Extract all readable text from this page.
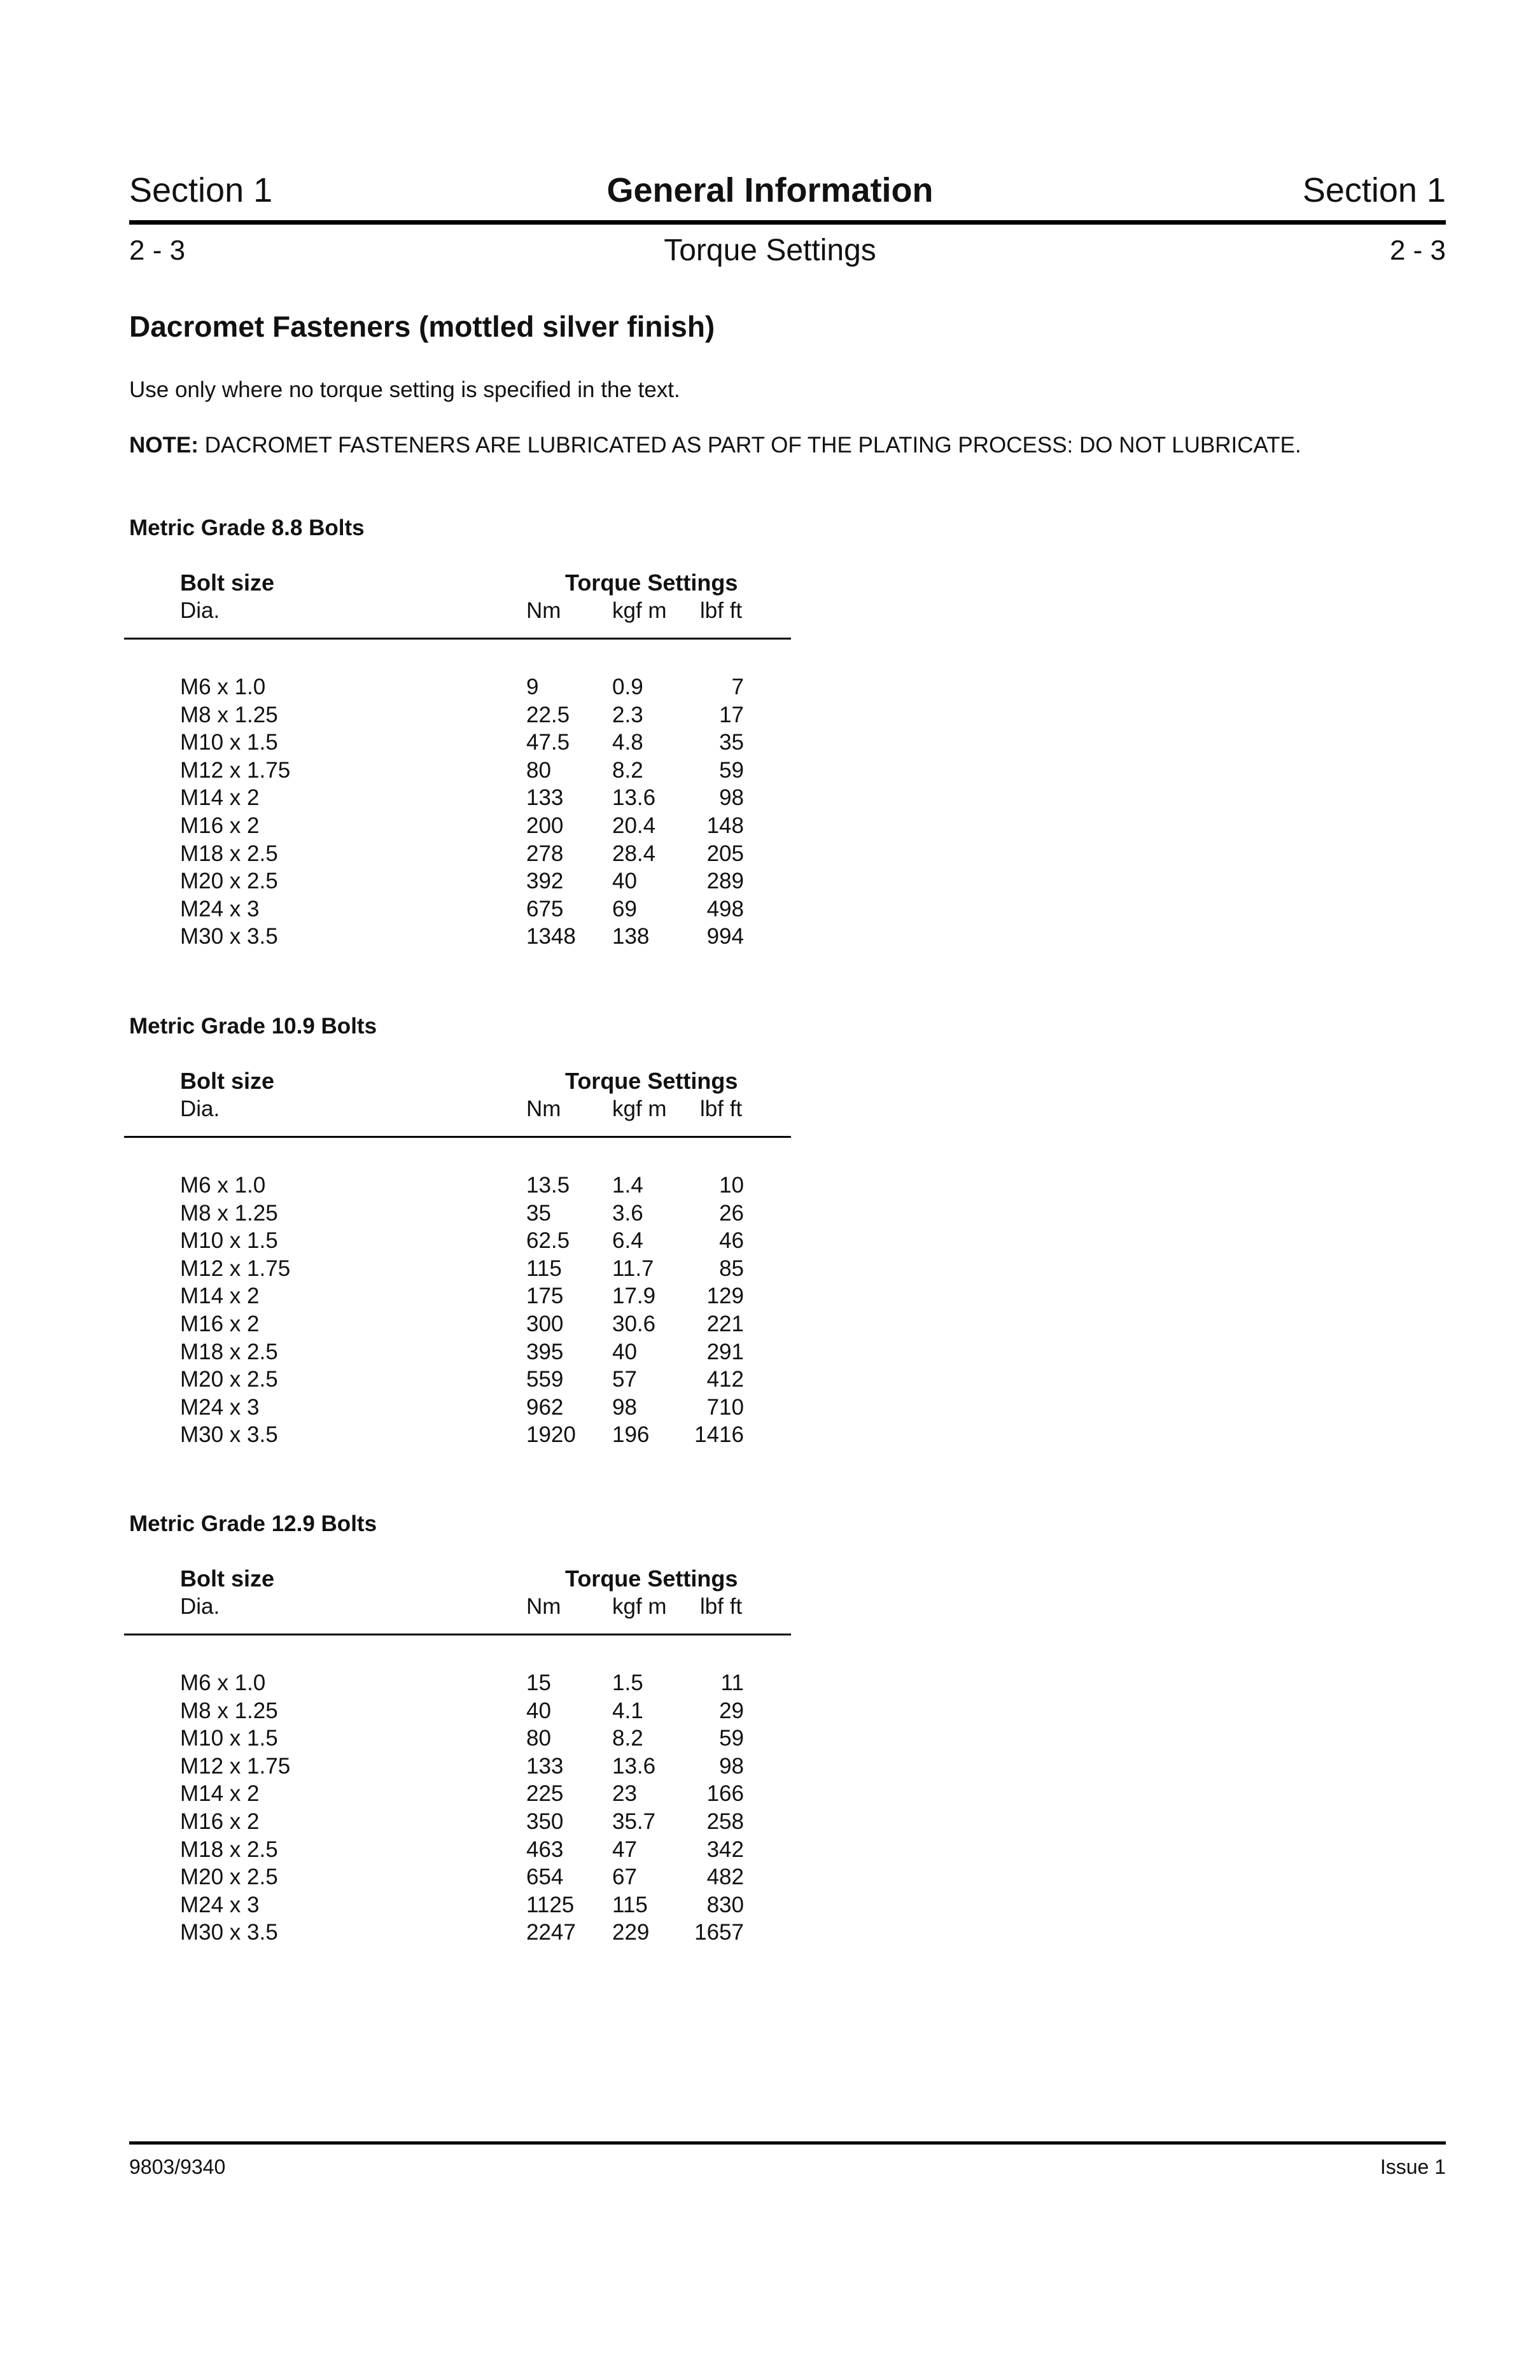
Section 1	General Information	Section 1
2 - 3	Torque Settings	2 - 3
Dacromet Fasteners (mottled silver finish)
Use only where no torque setting is specified in the text.
NOTE: DACROMET FASTENERS ARE LUBRICATED AS PART OF THE PLATING PROCESS: DO NOT LUBRICATE.
Metric Grade 8.8 Bolts
Bolt size	Torque Settings
Dia.	Nm kgf m lbf ft
M6 x 1.0	9	0.9	7
M8 x 1.25	22.5 2.3	17
M10 x 1.5	47.5 4.8	35
M12 x 1.75	80	8.2	59
M14 x 2	133 13.6	98
M16 x 2	200 20.4 148
M18 x 2.5	278 28.4 205
M20 x 2.5	392 40	289
M24 x 3	675 69	498
M30 x 3.5	1348 138	994
Metric Grade 10.9 Bolts
Bolt size	Torque Settings
Dia.	Nm kgf m lbf ft
M6 x 1.0	13.5 1.4	10
M8 x 1.25	35	3.6	26
M10 x 1.5	62.5 6.4	46
M12 x 1.75	115 11.7	85
M14 x 2	175 17.9 129
M16 x 2	300 30.6 221
M18 x 2.5	395 40	291
M20 x 2.5	559 57	412
M24 x 3	962 98	710
M30 x 3.5	1920 196 1416
Metric Grade 12.9 Bolts
Bolt size	Torque Settings
Dia.	Nm kgf m lbf ft
M6 x 1.0	15	1.5	11
M8 x 1.25	40	4.1	29
M10 x 1.5	80	8.2	59
M12 x 1.75	133 13.6	98
M14 x 2	225 23	166
M16 x 2	350 35.7 258
M18 x 2.5	463 47	342
M20 x 2.5	654 67	482
M24 x 3	1125 115	830
M30 x 3.5	2247 229 1657
9803/9340	Issue 1
